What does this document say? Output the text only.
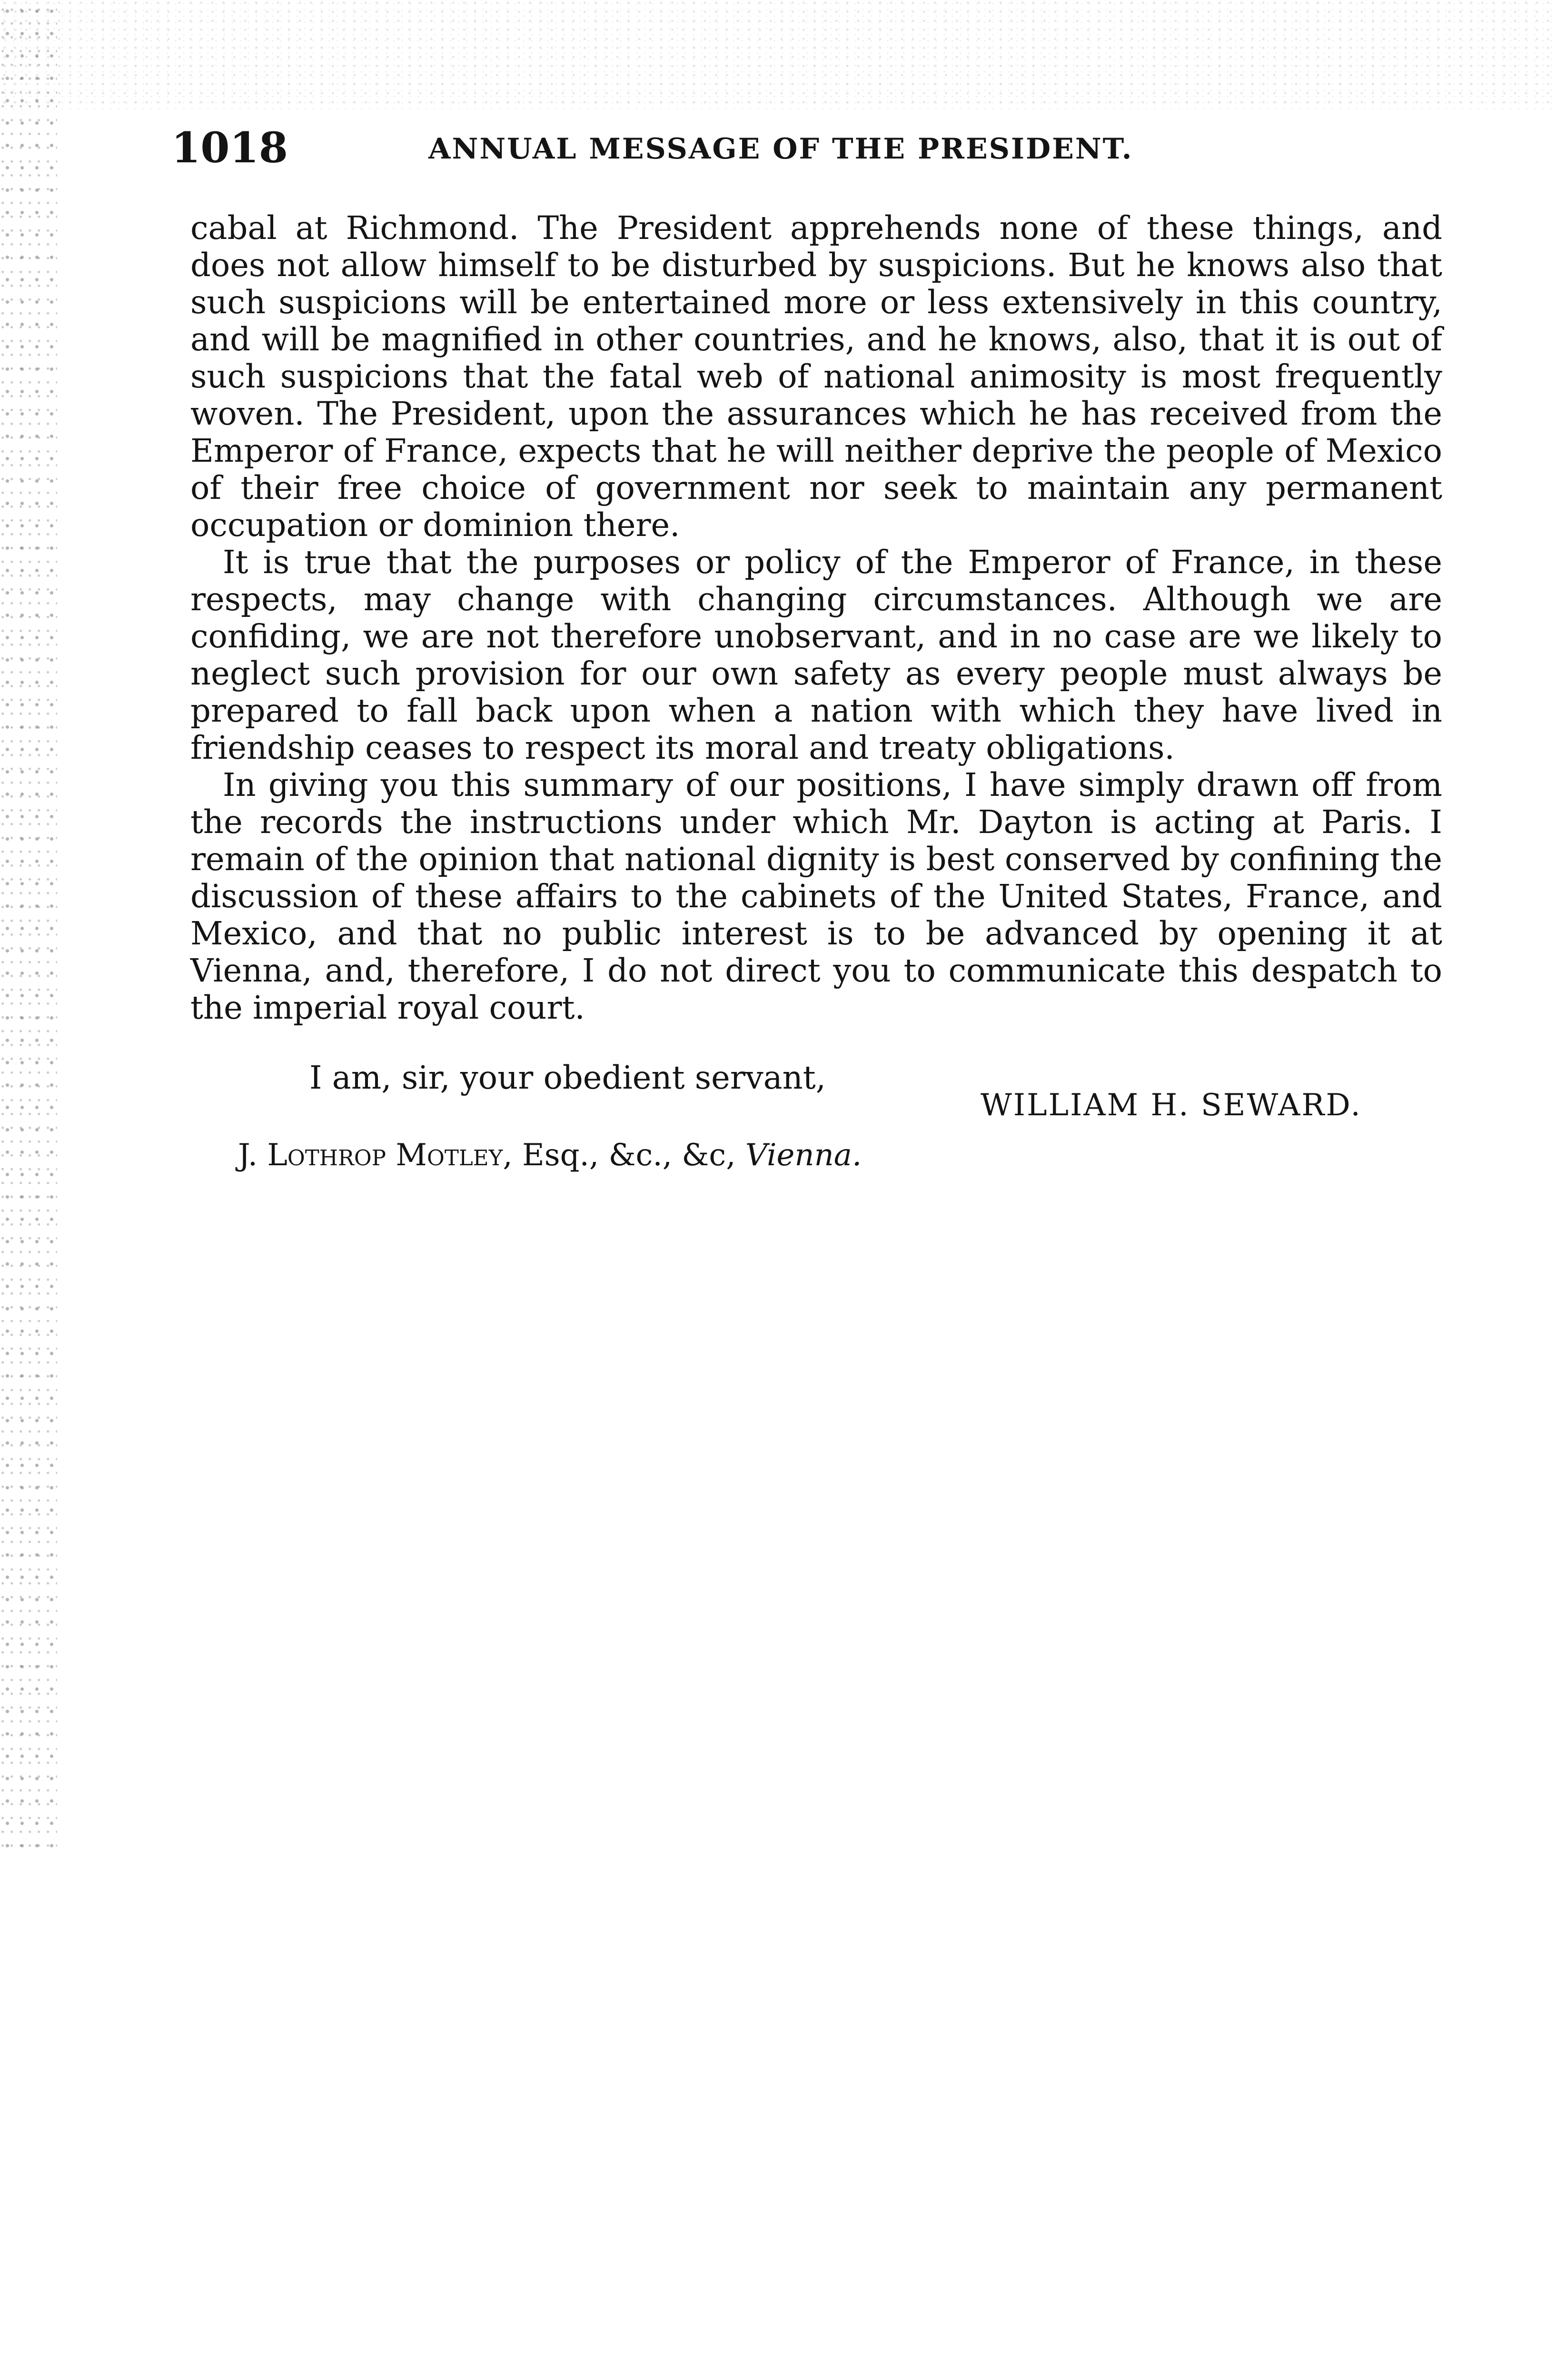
1018	ANNUAL MESSAGE OF THE PRESIDENT.

cabal at Richmond. The President apprehends none of these things, and does not allow himself to be disturbed by suspicions. But he knows also that such suspicions will be entertained more or less extensively in this country, and will be magnified in other countries, and he knows, also, that it is out of such suspicions that the fatal web of national animosity is most frequently woven. The President, upon the assurances which he has received from the Emperor of France, expects that he will neither deprive the people of Mexico of their free choice of government nor seek to maintain any permanent occupation or dominion there.

It is true that the purposes or policy of the Emperor of France, in these respects, may change with changing circumstances. Although we are confiding, we are not therefore unobservant, and in no case are we likely to neglect such provision for our own safety as every people must always be prepared to fall back upon when a nation with which they have lived in friendship ceases to respect its moral and treaty obligations.

In giving you this summary of our positions, I have simply drawn off from the records the instructions under which Mr. Dayton is acting at Paris. I remain of the opinion that national dignity is best conserved by confining the discussion of these affairs to the cabinets of the United States, France, and Mexico, and that no public interest is to be advanced by opening it at Vienna, and, therefore, I do not direct you to communicate this despatch to the imperial royal court.

I am, sir, your obedient servant,
WILLIAM H. SEWARD.
J. Lothrop Motley, Esq., &c., &c, Vienna.
